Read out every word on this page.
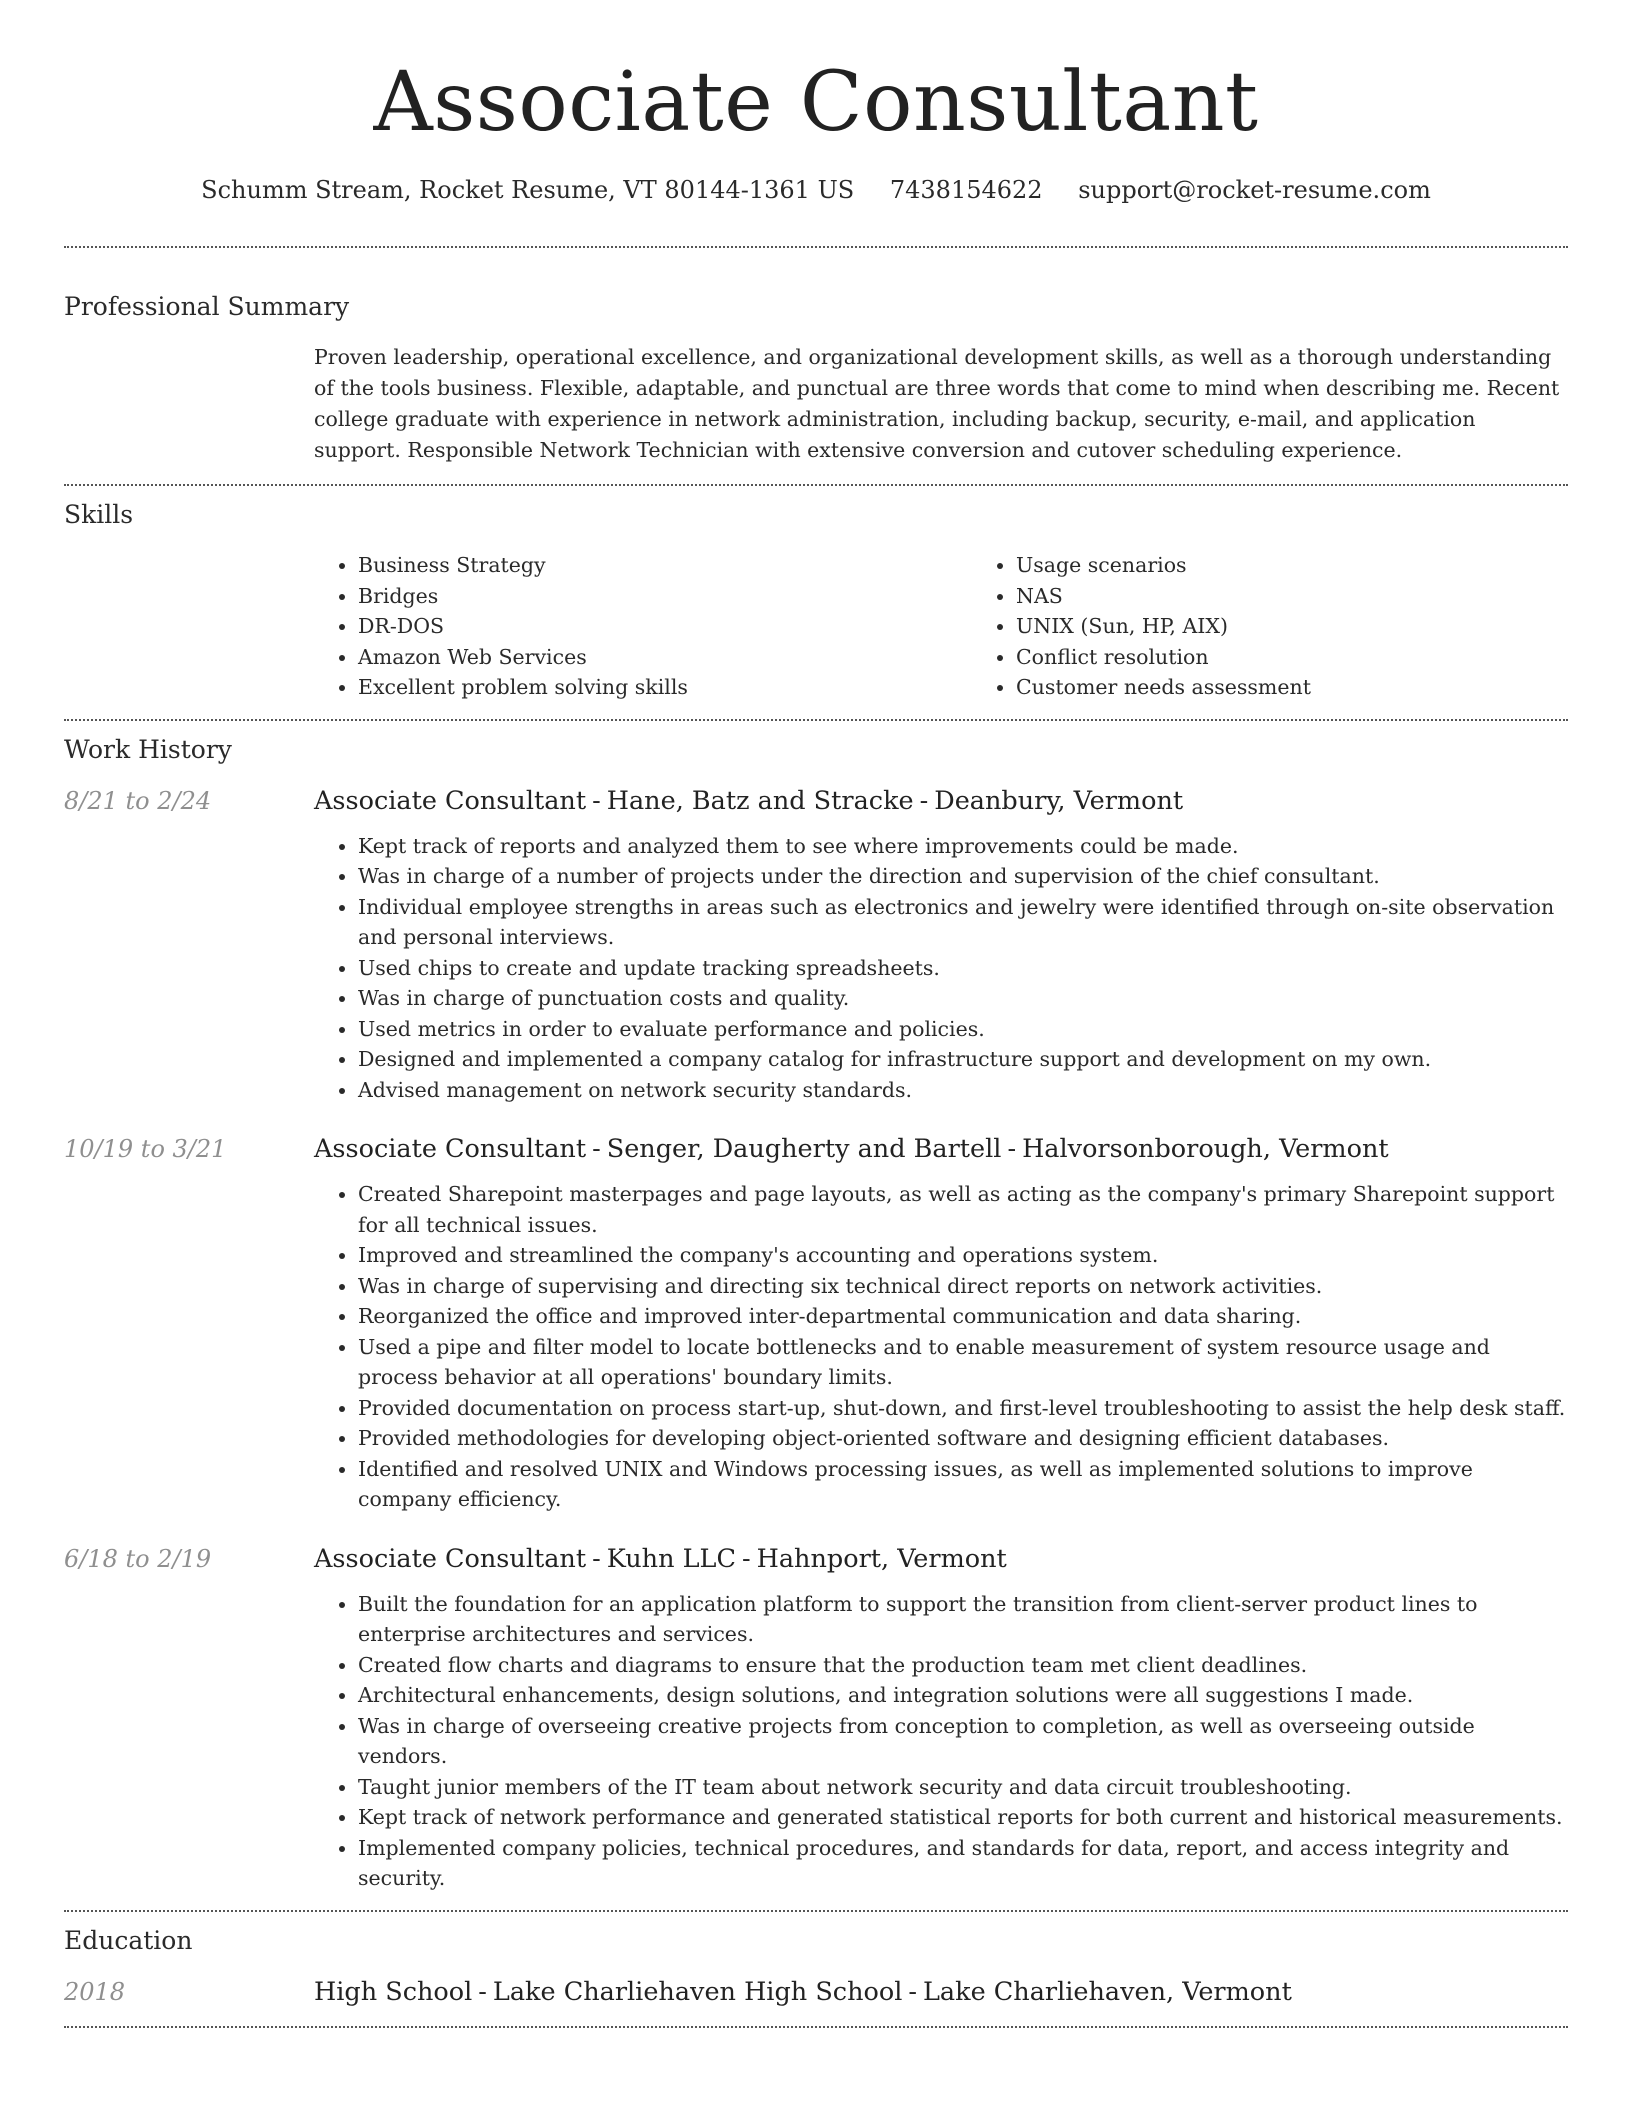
Associate Consultant
Schumm Stream, Rocket Resume, VT 80144-1361 US 7438154622 support@rocket-resume.com
Professional Summary

Proven leadership, operational excellence, and organizational development skills, as well as a thorough understanding of the tools business. Flexible, adaptable, and punctual are three words that come to mind when describing me. Recent college graduate with experience in network administration, including backup, security, e-mail, and application support. Responsible Network Technician with extensive conversion and cutover scheduling experience.

Skills
• Business Strategy
• Bridges
• DR-DOS
• Amazon Web Services
• Excellent problem solving skills
• Usage scenarios
• NAS
• UNIX (Sun, HP, AIX)
• Conflict resolution
• Customer needs assessment
Work History
8/21 to 2/24	Associate Consultant - Hane, Batz and Stracke - Deanbury, Vermont
• Kept track of reports and analyzed them to see where improvements could be made.
• Was in charge of a number of projects under the direction and supervision of the chief consultant.
• Individual employee strengths in areas such as electronics and jewelry were identified through on-site observation and personal interviews.
• Used chips to create and update tracking spreadsheets.
• Was in charge of punctuation costs and quality.
• Used metrics in order to evaluate performance and policies.
• Designed and implemented a company catalog for infrastructure support and development on my own.
• Advised management on network security standards.
10/19 to 3/21	Associate Consultant - Senger, Daugherty and Bartell - Halvorsonborough, Vermont
• Created Sharepoint masterpages and page layouts, as well as acting as the company's primary Sharepoint support for all technical issues.
• Improved and streamlined the company's accounting and operations system.
• Was in charge of supervising and directing six technical direct reports on network activities.
• Reorganized the office and improved inter-departmental communication and data sharing.
• Used a pipe and filter model to locate bottlenecks and to enable measurement of system resource usage and process behavior at all operations' boundary limits.
• Provided documentation on process start-up, shut-down, and first-level troubleshooting to assist the help desk staff.
• Provided methodologies for developing object-oriented software and designing efficient databases.
• Identified and resolved UNIX and Windows processing issues, as well as implemented solutions to improve company efficiency.
6/18 to 2/19	Associate Consultant - Kuhn LLC - Hahnport, Vermont
• Built the foundation for an application platform to support the transition from client-server product lines to enterprise architectures and services.
• Created flow charts and diagrams to ensure that the production team met client deadlines.
• Architectural enhancements, design solutions, and integration solutions were all suggestions I made.
• Was in charge of overseeing creative projects from conception to completion, as well as overseeing outside vendors.
• Taught junior members of the IT team about network security and data circuit troubleshooting.
• Kept track of network performance and generated statistical reports for both current and historical measurements.
• Implemented company policies, technical procedures, and standards for data, report, and access integrity and security.
Education
2018	High School - Lake Charliehaven High School - Lake Charliehaven, Vermont
